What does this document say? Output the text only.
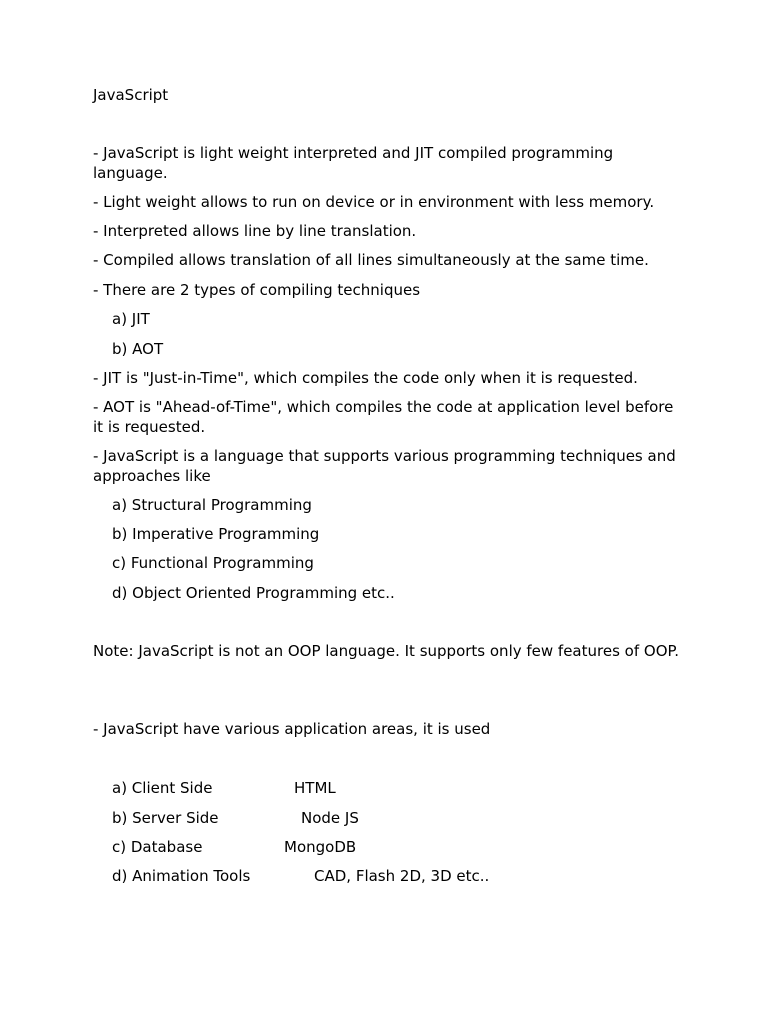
JavaScript
- JavaScript is light weight interpreted and JIT compiled programming language.
- Light weight allows to run on device or in environment with less memory.
- Interpreted allows line by line translation.
- Compiled allows translation of all lines simultaneously at the same time.
- There are 2 types of compiling techniques
a) JIT
b) AOT
- JIT is "Just-in-Time", which compiles the code only when it is requested.
- AOT is "Ahead-of-Time", which compiles the code at application level before it is requested.
- JavaScript is a language that supports various programming techniques and approaches like
a) Structural Programming
b) Imperative Programming
c) Functional Programming
d) Object Oriented Programming etc..
Note: JavaScript is not an OOP language. It supports only few features of OOP.
- JavaScript have various application areas, it is used
a) Client Side	HTML
b) Server Side	Node JS
c) Database	MongoDB
d) Animation Tools	CAD, Flash 2D, 3D etc..
